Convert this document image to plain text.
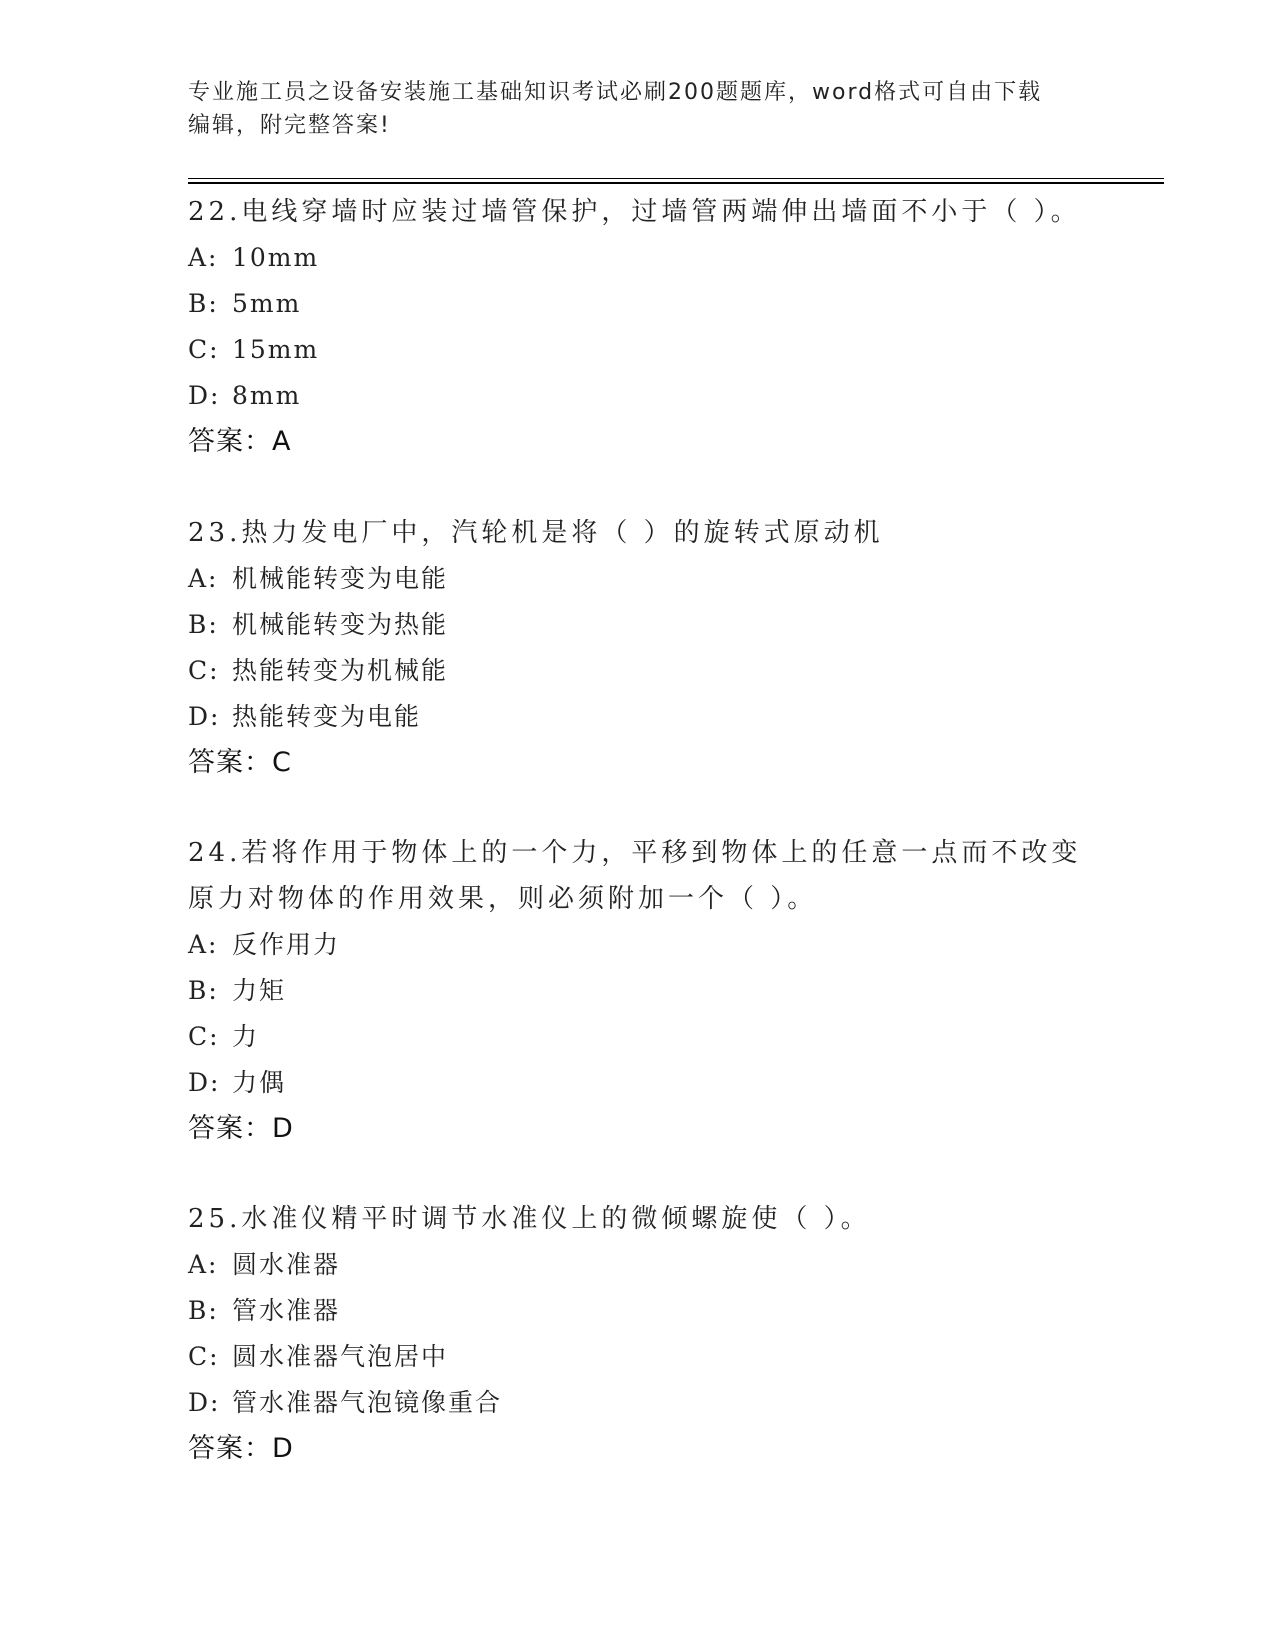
专业施工员之设备安装施工基础知识考试必刷200题题库，word格式可自由下载
编辑，附完整答案!

22.电线穿墙时应装过墙管保护，过墙管两端伸出墙面不小于（ ）。

A: 10mm
B: 5mm
C: 15mm
D: 8mm
答案：A

23.热力发电厂中，汽轮机是将（ ）的旋转式原动机

A: 机械能转变为电能
B: 机械能转变为热能
C: 热能转变为机械能
D: 热能转变为电能
答案：C

24.若将作用于物体上的一个力，平移到物体上的任意一点而不改变原力对物体的作用效果，则必须附加一个（ ）。

A: 反作用力
B: 力矩
C: 力
D: 力偶
答案：D

25.水准仪精平时调节水准仪上的微倾螺旋使（ ）。

A: 圆水准器
B: 管水准器
C: 圆水准器气泡居中
D: 管水准器气泡镜像重合
答案：D
